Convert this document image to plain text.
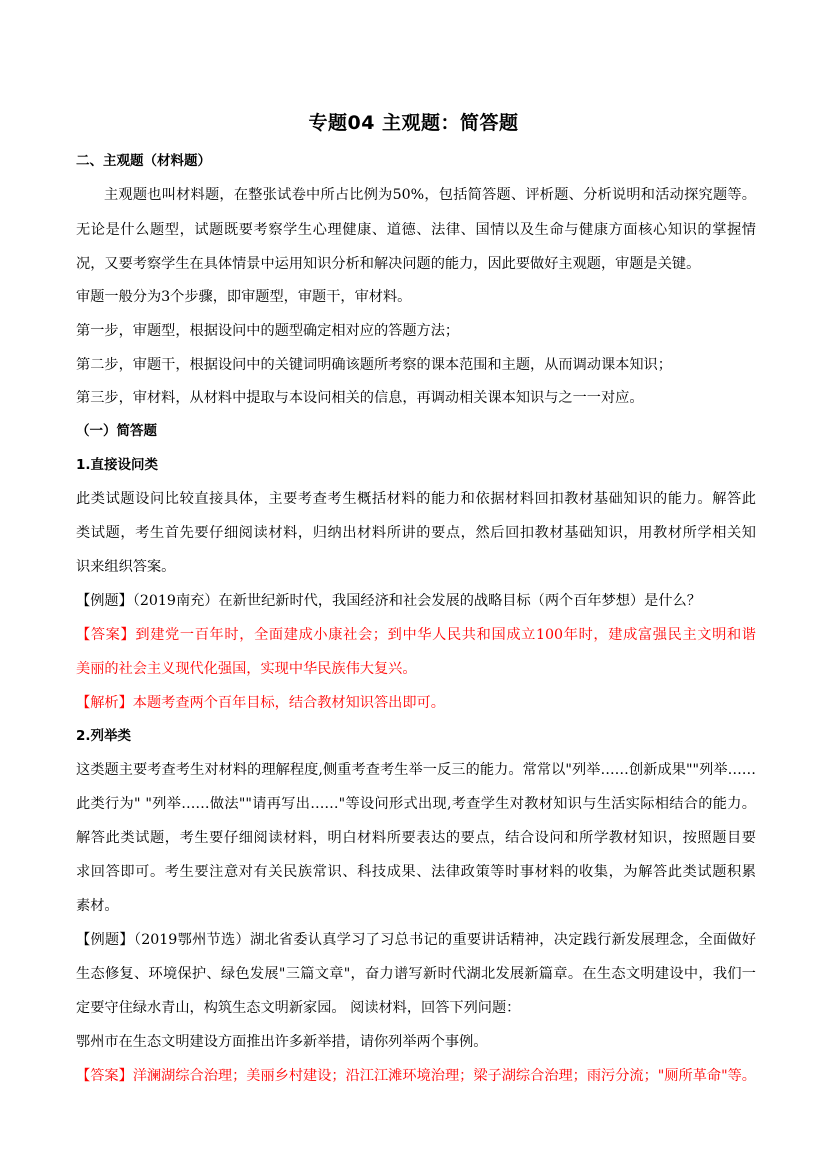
专题04 主观题：简答题
二、主观题（材料题）
主观题也叫材料题，在整张试卷中所占比例为50%，包括简答题、评析题、分析说明和活动探究题等。
无论是什么题型，试题既要考察学生心理健康、道德、法律、国情以及生命与健康方面核心知识的掌握情
况，又要考察学生在具体情景中运用知识分析和解决问题的能力，因此要做好主观题，审题是关键。
审题一般分为3个步骤，即审题型，审题干，审材料。
第一步，审题型，根据设问中的题型确定相对应的答题方法；
第二步，审题干，根据设问中的关键词明确该题所考察的课本范围和主题，从而调动课本知识；
第三步，审材料，从材料中提取与本设问相关的信息，再调动相关课本知识与之一一对应。
（一）简答题
1.直接设问类
此类试题设问比较直接具体，主要考查考生概括材料的能力和依据材料回扣教材基础知识的能力。解答此
类试题，考生首先要仔细阅读材料，归纳出材料所讲的要点，然后回扣教材基础知识，用教材所学相关知
识来组织答案。
【例题】（2019南充）在新世纪新时代，我国经济和社会发展的战略目标（两个百年梦想）是什么？
【答案】到建党一百年时，全面建成小康社会；到中华人民共和国成立100年时，建成富强民主文明和谐
美丽的社会主义现代化强国，实现中华民族伟大复兴。
【解析】本题考查两个百年目标，结合教材知识答出即可。
2.列举类
这类题主要考查考生对材料的理解程度,侧重考查考生举一反三的能力。常常以"列举……创新成果""列举……
此类行为" "列举……做法""请再写出……"等设问形式出现,考查学生对教材知识与生活实际相结合的能力。
解答此类试题，考生要仔细阅读材料，明白材料所要表达的要点，结合设问和所学教材知识，按照题目要
求回答即可。考生要注意对有关民族常识、科技成果、法律政策等时事材料的收集，为解答此类试题积累
素材。
【例题】（2019鄂州节选）湖北省委认真学习了习总书记的重要讲话精神，决定践行新发展理念，全面做好
生态修复、环境保护、绿色发展"三篇文章"，奋力谱写新时代湖北发展新篇章。在生态文明建设中，我们一
定要守住绿水青山，构筑生态文明新家园。 阅读材料，回答下列问题：
鄂州市在生态文明建设方面推出许多新举措，请你列举两个事例。
【答案】洋澜湖综合治理；美丽乡村建设；沿江江滩环境治理；梁子湖综合治理；雨污分流；"厕所革命"等。
